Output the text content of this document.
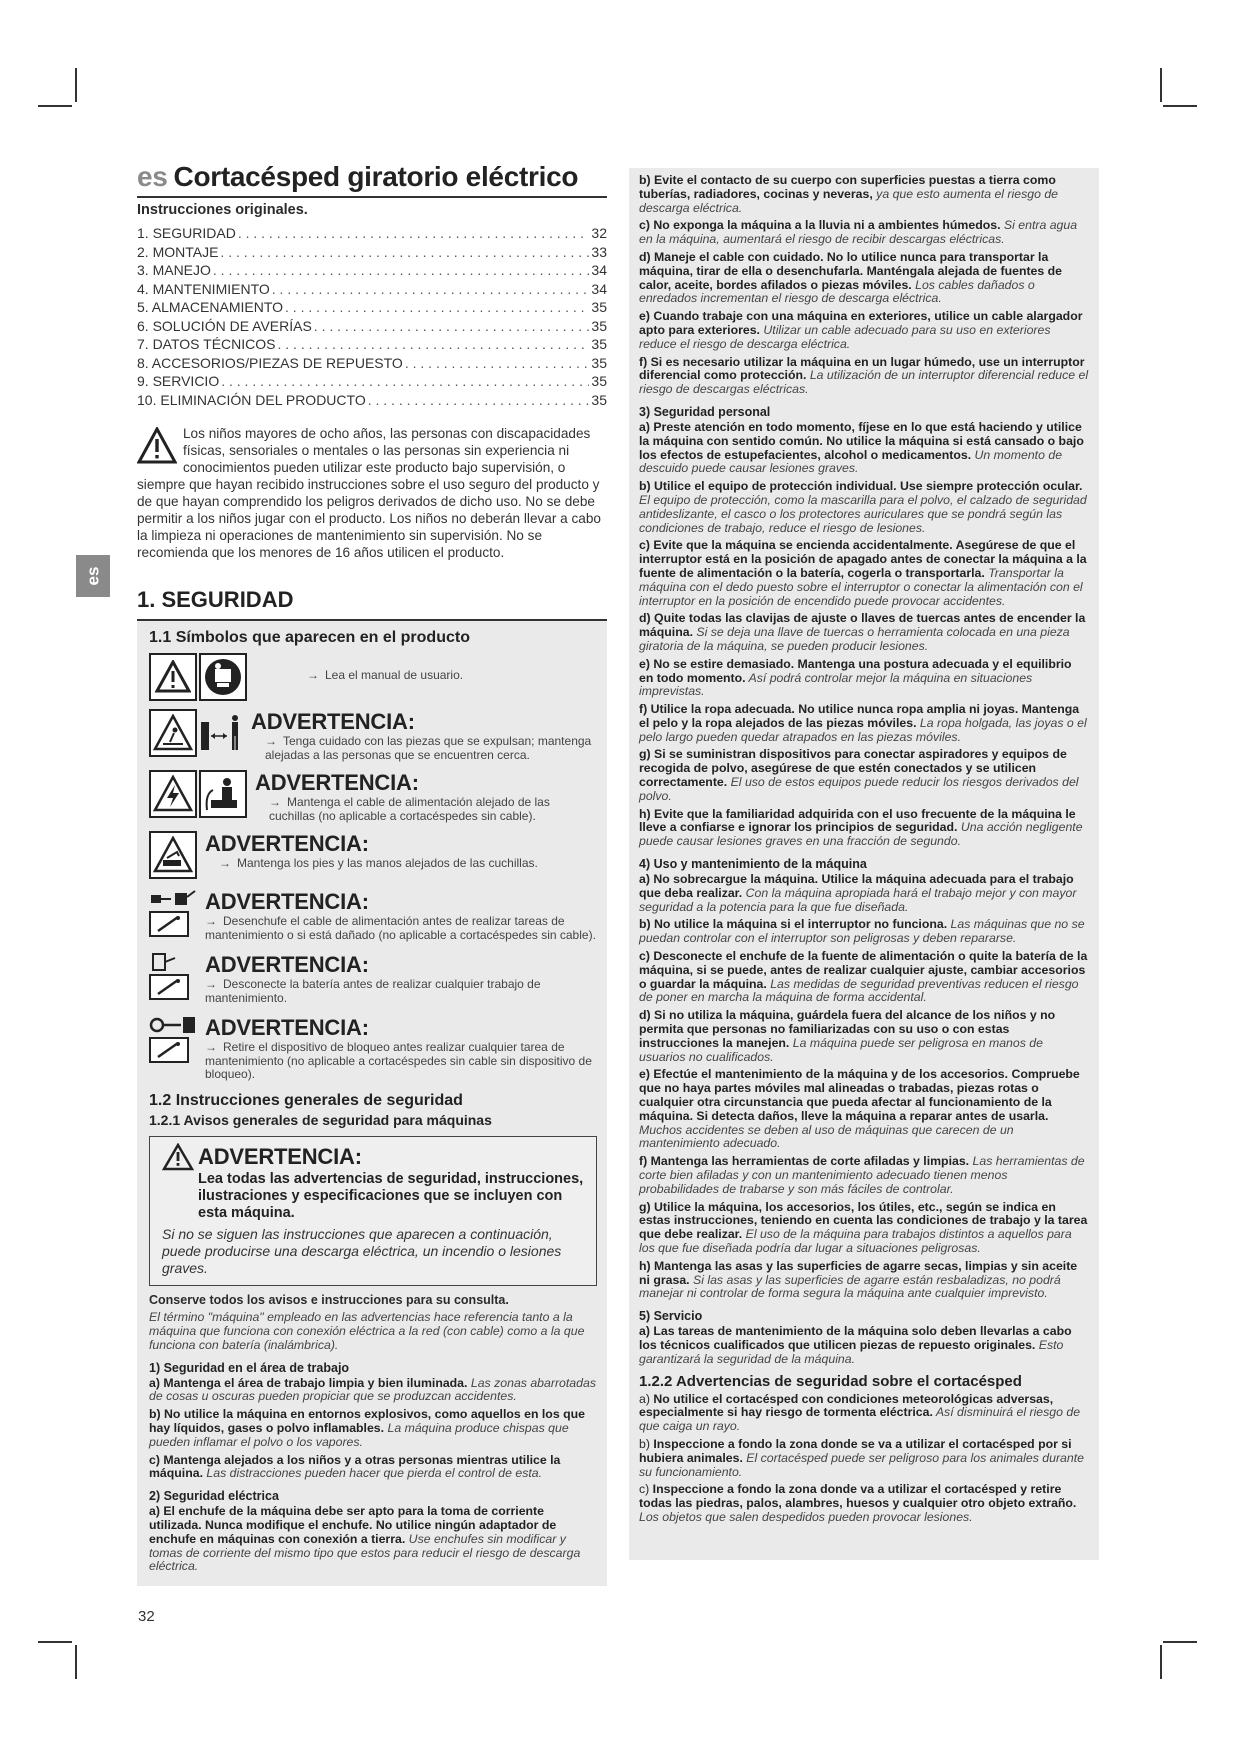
es
32
es Cortacésped giratorio eléctrico
Instrucciones originales.
1. SEGURIDAD . . .	32
2. MONTAJE . . .	33
3. MANEJO . . .	34
4. MANTENIMIENTO . . .	34
5. ALMACENAMIENTO . . .	35
6. SOLUCIÓN DE AVERÍAS . . .	35
7. DATOS TÉCNICOS . . .	35
8. ACCESORIOS/PIEZAS DE REPUESTO . . .	35
9. SERVICIO . . .	35
10. ELIMINACIÓN DEL PRODUCTO . . .	35
Los niños mayores de ocho años, las personas con discapacidades físicas, sensoriales o mentales o las personas sin experiencia ni conocimientos pueden utilizar este producto bajo supervisión, o siempre que hayan recibido instrucciones sobre el uso seguro del producto y de que hayan comprendido los peligros derivados de dicho uso. No se debe permitir a los niños jugar con el producto. Los niños no deberán llevar a cabo la limpieza ni operaciones de mantenimiento sin supervisión. No se recomienda que los menores de 16 años utilicen el producto.
1. SEGURIDAD
1.1 Símbolos que aparecen en el producto
→ Lea el manual de usuario.
ADVERTENCIA:
→ Tenga cuidado con las piezas que se expulsan; mantenga alejadas a las personas que se encuentren cerca.
ADVERTENCIA:
→ Mantenga el cable de alimentación alejado de las cuchillas (no aplicable a cortacéspedes sin cable).
ADVERTENCIA:
→ Mantenga los pies y las manos alejados de las cuchillas.
ADVERTENCIA:
→ Desenchufe el cable de alimentación antes de realizar tareas de mantenimiento o si está dañado (no aplicable a cortacéspedes sin cable).
ADVERTENCIA:
→ Desconecte la batería antes de realizar cualquier trabajo de mantenimiento.
ADVERTENCIA:
→ Retire el dispositivo de bloqueo antes realizar cualquier tarea de mantenimiento (no aplicable a cortacéspedes sin cable sin dispositivo de bloqueo).
1.2 Instrucciones generales de seguridad
1.2.1 Avisos generales de seguridad para máquinas
ADVERTENCIA:
Lea todas las advertencias de seguridad, instrucciones, ilustraciones y especificaciones que se incluyen con esta máquina.
Si no se siguen las instrucciones que aparecen a continuación, puede producirse una descarga eléctrica, un incendio o lesiones graves.
Conserve todos los avisos e instrucciones para su consulta.
El término "máquina" empleado en las advertencias hace referencia tanto a la máquina que funciona con conexión eléctrica a la red (con cable) como a la que funciona con batería (inalámbrica).
1) Seguridad en el área de trabajo
a) Mantenga el área de trabajo limpia y bien iluminada. Las zonas abarrotadas de cosas u oscuras pueden propiciar que se produzcan accidentes.
b) No utilice la máquina en entornos explosivos, como aquellos en los que hay líquidos, gases o polvo inflamables. La máquina produce chispas que pueden inflamar el polvo o los vapores.
c) Mantenga alejados a los niños y a otras personas mientras utilice la máquina. Las distracciones pueden hacer que pierda el control de esta.
2) Seguridad eléctrica
a) El enchufe de la máquina debe ser apto para la toma de corriente utilizada. Nunca modifique el enchufe. No utilice ningún adaptador de enchufe en máquinas con conexión a tierra. Use enchufes sin modificar y tomas de corriente del mismo tipo que estos para reducir el riesgo de descarga eléctrica.
b) Evite el contacto de su cuerpo con superficies puestas a tierra como tuberías, radiadores, cocinas y neveras, ya que esto aumenta el riesgo de descarga eléctrica.
c) No exponga la máquina a la lluvia ni a ambientes húmedos. Si entra agua en la máquina, aumentará el riesgo de recibir descargas eléctricas.
d) Maneje el cable con cuidado. No lo utilice nunca para transportar la máquina, tirar de ella o desenchufarla. Manténgala alejada de fuentes de calor, aceite, bordes afilados o piezas móviles. Los cables dañados o enredados incrementan el riesgo de descarga eléctrica.
e) Cuando trabaje con una máquina en exteriores, utilice un cable alargador apto para exteriores. Utilizar un cable adecuado para su uso en exteriores reduce el riesgo de descarga eléctrica.
f) Si es necesario utilizar la máquina en un lugar húmedo, use un interruptor diferencial como protección. La utilización de un interruptor diferencial reduce el riesgo de descargas eléctricas.
3) Seguridad personal
a) Preste atención en todo momento, fíjese en lo que está haciendo y utilice la máquina con sentido común. No utilice la máquina si está cansado o bajo los efectos de estupefacientes, alcohol o medicamentos. Un momento de descuido puede causar lesiones graves.
b) Utilice el equipo de protección individual. Use siempre protección ocular. El equipo de protección, como la mascarilla para el polvo, el calzado de seguridad antideslizante, el casco o los protectores auriculares que se pondrá según las condiciones de trabajo, reduce el riesgo de lesiones.
c) Evite que la máquina se encienda accidentalmente. Asegúrese de que el interruptor está en la posición de apagado antes de conectar la máquina a la fuente de alimentación o la batería, cogerla o transportarla. Transportar la máquina con el dedo puesto sobre el interruptor o conectar la alimentación con el interruptor en la posición de encendido puede provocar accidentes.
d) Quite todas las clavijas de ajuste o llaves de tuercas antes de encender la máquina. Si se deja una llave de tuercas o herramienta colocada en una pieza giratoria de la máquina, se pueden producir lesiones.
e) No se estire demasiado. Mantenga una postura adecuada y el equilibrio en todo momento. Así podrá controlar mejor la máquina en situaciones imprevistas.
f) Utilice la ropa adecuada. No utilice nunca ropa amplia ni joyas. Mantenga el pelo y la ropa alejados de las piezas móviles. La ropa holgada, las joyas o el pelo largo pueden quedar atrapados en las piezas móviles.
g) Si se suministran dispositivos para conectar aspiradores y equipos de recogida de polvo, asegúrese de que estén conectados y se utilicen correctamente. El uso de estos equipos puede reducir los riesgos derivados del polvo.
h) Evite que la familiaridad adquirida con el uso frecuente de la máquina le lleve a confiarse e ignorar los principios de seguridad. Una acción negligente puede causar lesiones graves en una fracción de segundo.
4) Uso y mantenimiento de la máquina
a) No sobrecargue la máquina. Utilice la máquina adecuada para el trabajo que deba realizar. Con la máquina apropiada hará el trabajo mejor y con mayor seguridad a la potencia para la que fue diseñada.
b) No utilice la máquina si el interruptor no funciona. Las máquinas que no se puedan controlar con el interruptor son peligrosas y deben repararse.
c) Desconecte el enchufe de la fuente de alimentación o quite la batería de la máquina, si se puede, antes de realizar cualquier ajuste, cambiar accesorios o guardar la máquina. Las medidas de seguridad preventivas reducen el riesgo de poner en marcha la máquina de forma accidental.
d) Si no utiliza la máquina, guárdela fuera del alcance de los niños y no permita que personas no familiarizadas con su uso o con estas instrucciones la manejen. La máquina puede ser peligrosa en manos de usuarios no cualificados.
e) Efectúe el mantenimiento de la máquina y de los accesorios. Compruebe que no haya partes móviles mal alineadas o trabadas, piezas rotas o cualquier otra circunstancia que pueda afectar al funcionamiento de la máquina. Si detecta daños, lleve la máquina a reparar antes de usarla. Muchos accidentes se deben al uso de máquinas que carecen de un mantenimiento adecuado.
f) Mantenga las herramientas de corte afiladas y limpias. Las herramientas de corte bien afiladas y con un mantenimiento adecuado tienen menos probabilidades de trabarse y son más fáciles de controlar.
g) Utilice la máquina, los accesorios, los útiles, etc., según se indica en estas instrucciones, teniendo en cuenta las condiciones de trabajo y la tarea que debe realizar. El uso de la máquina para trabajos distintos a aquellos para los que fue diseñada podría dar lugar a situaciones peligrosas.
h) Mantenga las asas y las superficies de agarre secas, limpias y sin aceite ni grasa. Si las asas y las superficies de agarre están resbaladizas, no podrá manejar ni controlar de forma segura la máquina ante cualquier imprevisto.
5) Servicio
a) Las tareas de mantenimiento de la máquina solo deben llevarlas a cabo los técnicos cualificados que utilicen piezas de repuesto originales. Esto garantizará la seguridad de la máquina.
1.2.2 Advertencias de seguridad sobre el cortacésped
a) No utilice el cortacésped con condiciones meteorológicas adversas, especialmente si hay riesgo de tormenta eléctrica. Así disminuirá el riesgo de que caiga un rayo.
b) Inspeccione a fondo la zona donde se va a utilizar el cortacésped por si hubiera animales. El cortacésped puede ser peligroso para los animales durante su funcionamiento.
c) Inspeccione a fondo la zona donde va a utilizar el cortacésped y retire todas las piedras, palos, alambres, huesos y cualquier otro objeto extraño. Los objetos que salen despedidos pueden provocar lesiones.
